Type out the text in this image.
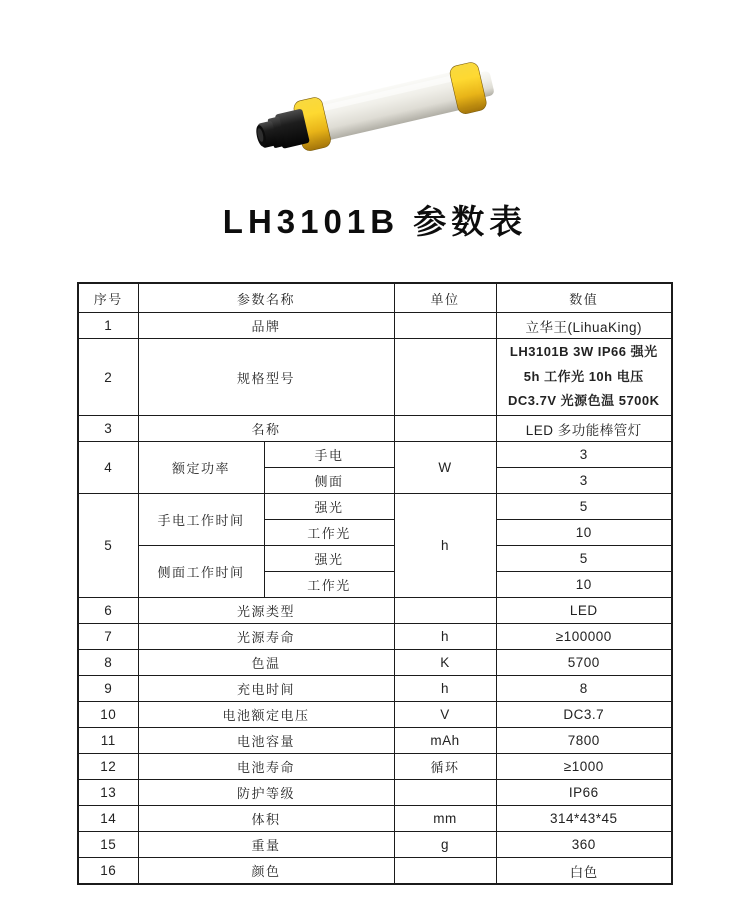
LH3101B 参数表
序号	参数名称		单位	数值
1	品牌			立华王(LihuaKing)
2	规格型号			LH3101B 3W IP66 强光
5h 工作光 10h 电压
DC3.7V 光源色温 5700K

3	名称			LED 多功能棒管灯
4	额定功率	手电	W	3
		侧面		3
5	手电工作时间	强光	h	5
		工作光		10
	侧面工作时间	强光		5
		工作光		10
6	光源类型			LED
7	光源寿命		h	≥100000
8	色温		K	5700
9	充电时间		h	8
10	电池额定电压		V	DC3.7
11	电池容量		mAh	7800
12	电池寿命		循环	≥1000
13	防护等级			IP66
14	体积		mm	314*43*45
15	重量		g	360
16	颜色			白色
